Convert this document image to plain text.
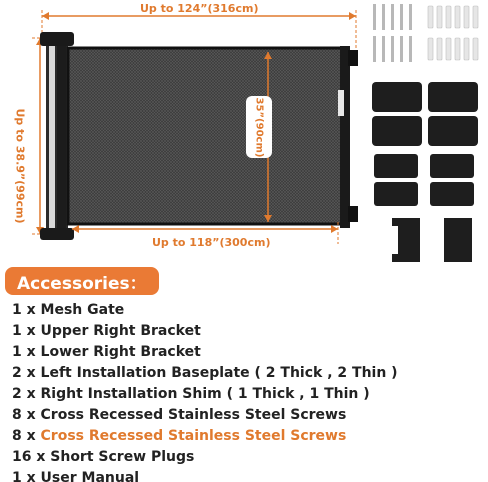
Up to 124”(316cm)
Up to 118”(300cm)
Up to 38.9”(99cm)	35”(90cm)
Accessories：
1 x Mesh Gate
1 x Upper Right Bracket
1 x Lower Right Bracket
2 x Left Installation Baseplate ( 2 Thick , 2 Thin )
2 x Right Installation Shim ( 1 Thick , 1 Thin )
8 x Cross Recessed Stainless Steel Screws
8 x Cross Recessed Stainless Steel Screws
16 x Short Screw Plugs
1 x User Manual
